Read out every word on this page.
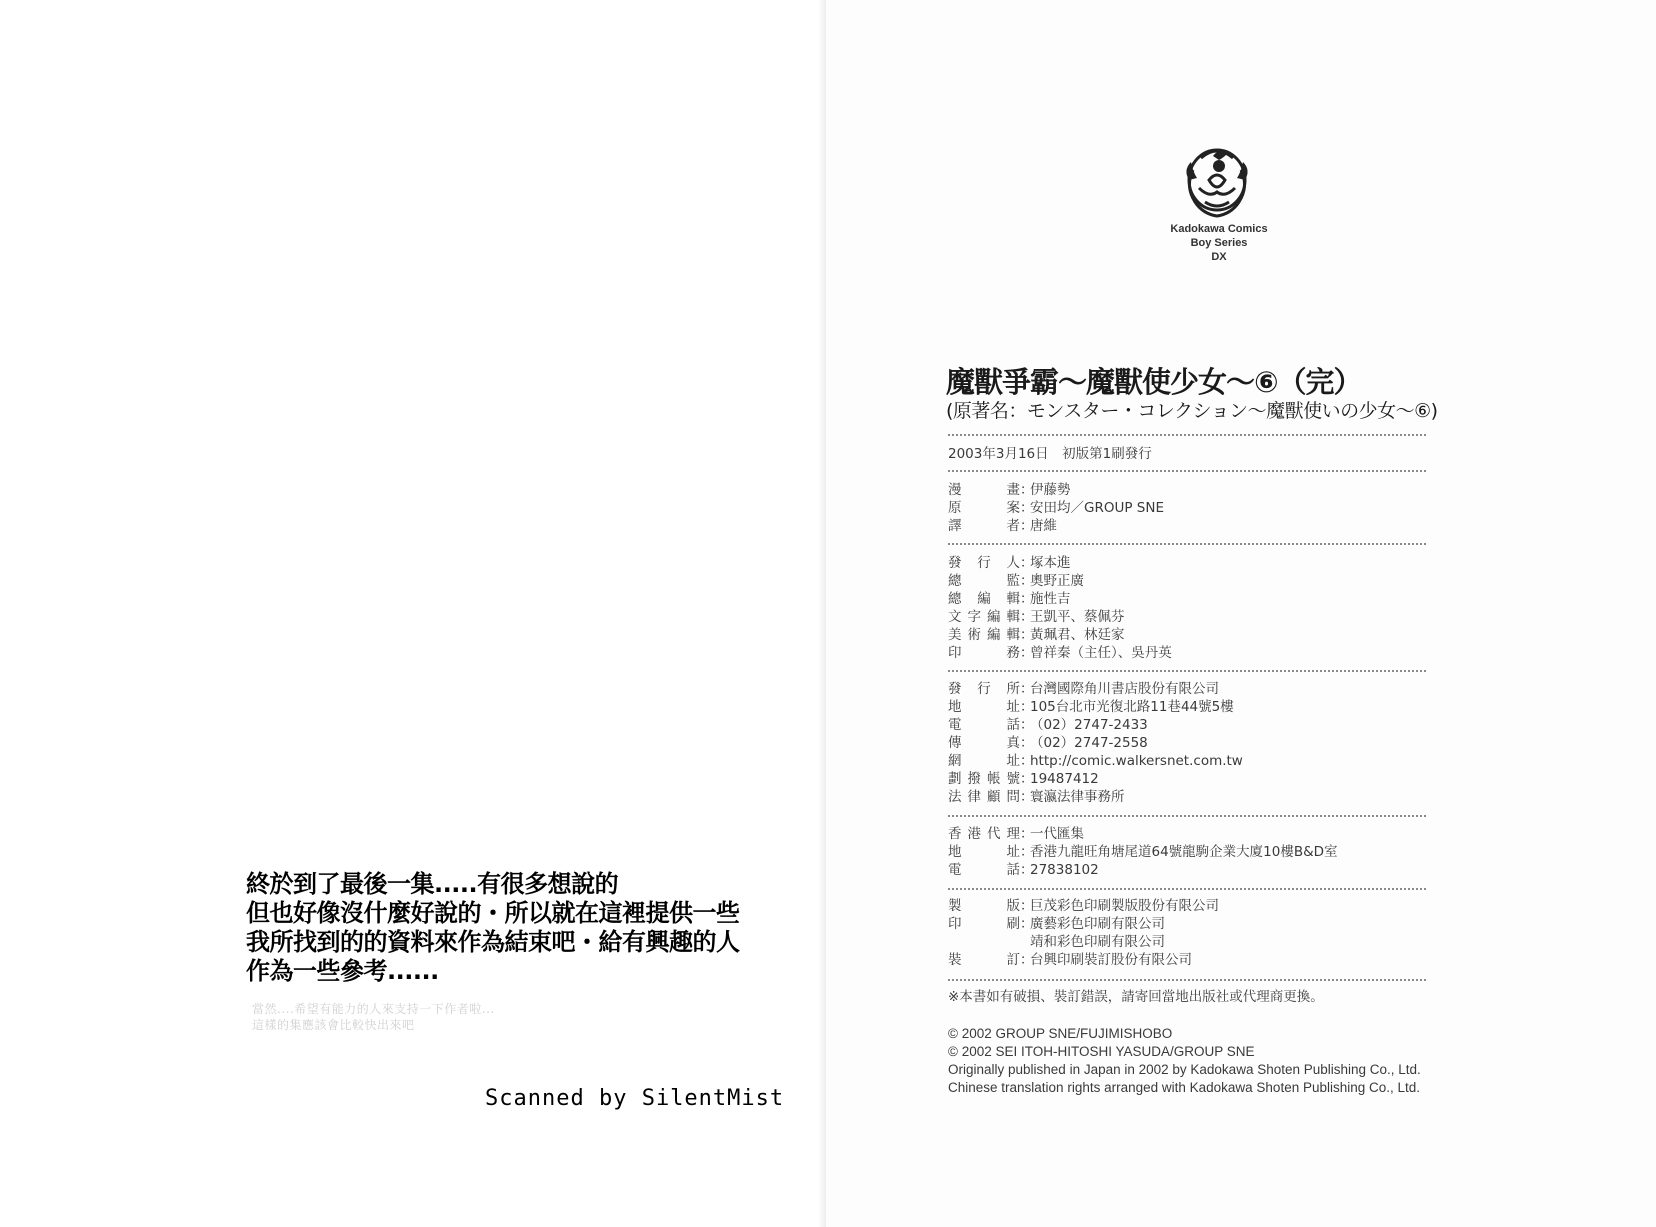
終於到了最後一集.....有很多想說的
但也好像沒什麼好說的・所以就在這裡提供一些
我所找到的的資料來作為結束吧・給有興趣的人
作為一些參考......
當然....希望有能力的人來支持一下作者啦...
這樣的集應該會比較快出來吧
Scanned by SilentMist
Kadokawa Comics
Boy Series
DX
魔獸爭霸〜魔獸使少女〜⑥（完）
(原著名：モンスター・コレクション〜魔獸使いの少女〜⑥)
2003年3月16日　初版第1刷發行
漫畫：伊藤勢
原案：安田均／GROUP SNE
譯者：唐維
發行人：塚本進
總監：奧野正廣
總編輯：施性吉
文字編輯：王凱平、蔡佩芬
美術編輯：黃珮君、林廷家
印務：曾祥秦（主任）、吳丹英
發行所：台灣國際角川書店股份有限公司
地址：105台北市光復北路11巷44號5樓
電話：（02）2747-2433
傳真：（02）2747-2558
網址：http://comic.walkersnet.com.tw
劃撥帳號：19487412
法律顧問：寰瀛法律事務所
香港代理：一代匯集
地址：香港九龍旺角塘尾道64號龍駒企業大廈10樓B&D室
電話：27838102
製版：巨茂彩色印刷製版股份有限公司
印刷：廣藝彩色印刷有限公司
靖和彩色印刷有限公司
裝訂：台興印刷裝訂股份有限公司
※本書如有破損、裝訂錯誤，請寄回當地出版社或代理商更換。
© 2002 GROUP SNE/FUJIMISHOBO
© 2002 SEI ITOH-HITOSHI YASUDA/GROUP SNE
Originally published in Japan in 2002 by Kadokawa Shoten Publishing Co., Ltd.
Chinese translation rights arranged with Kadokawa Shoten Publishing Co., Ltd.
